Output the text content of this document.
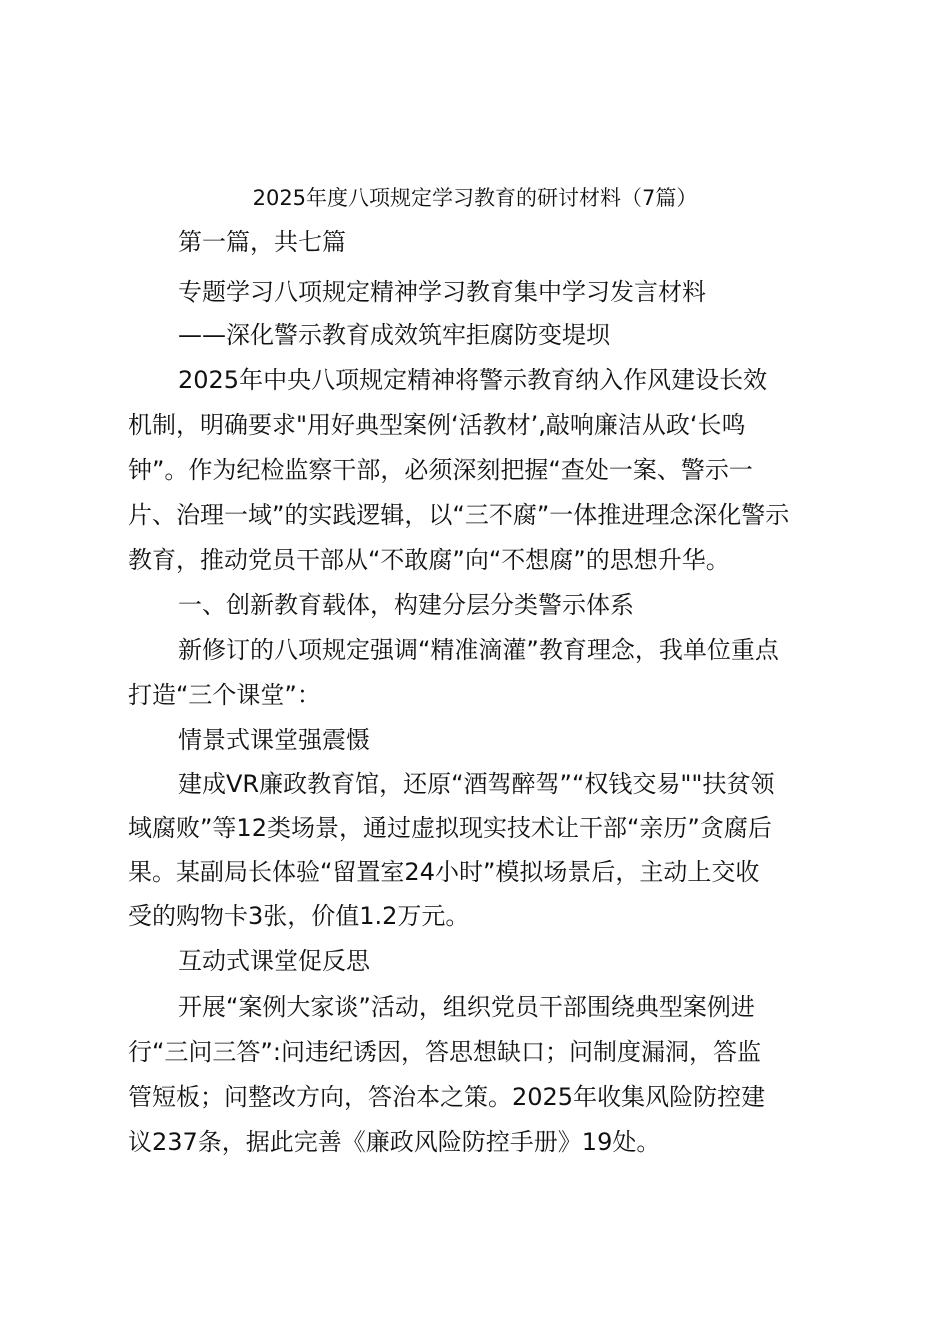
2025年度八项规定学习教育的研讨材料（7篇）
第一篇，共七篇
专题学习八项规定精神学习教育集中学习发言材料
——深化警示教育成效筑牢拒腐防变堤坝
2025年中央八项规定精神将警示教育纳入作风建设长效
机制，明确要求"用好典型案例‘活教材’,敲响廉洁从政‘长鸣
钟”。作为纪检监察干部，必须深刻把握“查处一案、警示一
片、治理一域”的实践逻辑，以“三不腐”一体推进理念深化警示
教育，推动党员干部从“不敢腐”向“不想腐”的思想升华。
一、创新教育载体，构建分层分类警示体系
新修订的八项规定强调“精准滴灌”教育理念，我单位重点
打造“三个课堂”：
情景式课堂强震慑
建成VR廉政教育馆，还原“酒驾醉驾”“权钱交易""扶贫领
域腐败”等12类场景，通过虚拟现实技术让干部“亲历”贪腐后
果。某副局长体验“留置室24小时”模拟场景后，主动上交收
受的购物卡3张，价值1.2万元。
互动式课堂促反思
开展“案例大家谈”活动，组织党员干部围绕典型案例进
行“三问三答”:问违纪诱因，答思想缺口；问制度漏洞，答监
管短板；问整改方向，答治本之策。2025年收集风险防控建
议237条，据此完善《廉政风险防控手册》19处。
